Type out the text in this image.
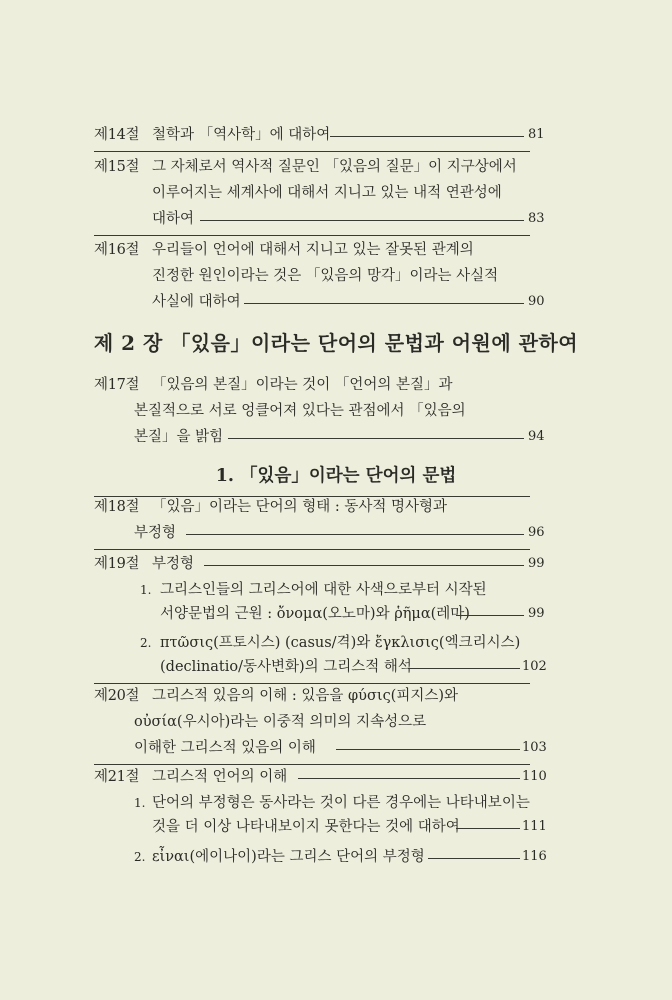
제14절 철학과 「역사학」에 대하여	81
제15절 그 자체로서 역사적 질문인 「있음의 질문」이 지구상에서
이루어지는 세계사에 대해서 지니고 있는 내적 연관성에
대하여	83
제16절 우리들이 언어에 대해서 지니고 있는 잘못된 관계의
진정한 원인이라는 것은 「있음의 망각」이라는 사실적
사실에 대하여	90
제 2 장 「있음」이라는 단어의 문법과 어원에 관하여
제17절 「있음의 본질」이라는 것이 「언어의 본질」과
본질적으로 서로 엉클어져 있다는 관점에서 「있음의
본질」을 밝힘	94
1. 「있음」이라는 단어의 문법
제18절 「있음」이라는 단어의 형태 : 동사적 명사형과
부정형	96
제19절 부정형	99
1. 그리스인들의 그리스어에 대한 사색으로부터 시작된
서양문법의 근원 : ὄνομα(오노마)와 ῥῆμα(레마)	99
2. πτῶσις(프토시스) (casus/격)와 ἔγκλισις(엑크리시스)
(declinatio/동사변화)의 그리스적 해석	102
제20절 그리스적 있음의 이해 : 있음을 φύσις(피지스)와
οὐσία(우시아)라는 이중적 의미의 지속성으로
이해한 그리스적 있음의 이해	103
제21절 그리스적 언어의 이해	110
1. 단어의 부정형은 동사라는 것이 다른 경우에는 나타내보이는
것을 더 이상 나타내보이지 못한다는 것에 대하여	111
2. εἶναι(에이나이)라는 그리스 단어의 부정형	116
